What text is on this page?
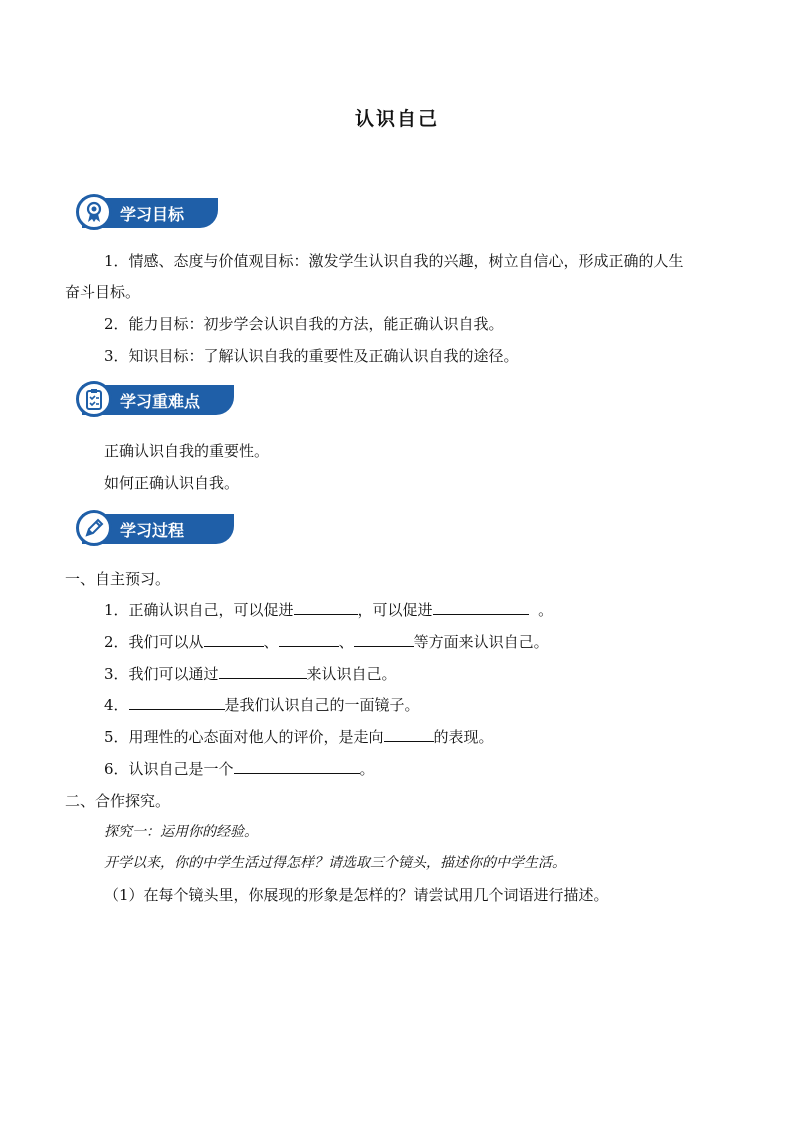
认识自己
学习目标
1．情感、态度与价值观目标：激发学生认识自我的兴趣，树立自信心，形成正确的人生
奋斗目标。
2．能力目标：初步学会认识自我的方法，能正确认识自我。
3．知识目标：了解认识自我的重要性及正确认识自我的途径。
学习重难点
正确认识自我的重要性。
如何正确认识自我。
学习过程
一、自主预习。
1．正确认识自己，可以促进	，可以促进	。
2．我们可以从	、	、	等方面来认识自己。
3．我们可以通过	来认识自己。
4．	是我们认识自己的一面镜子。
5．用理性的心态面对他人的评价，是走向	的表现。
6．认识自己是一个	。
二、合作探究。
探究一：运用你的经验。
开学以来，你的中学生活过得怎样？请选取三个镜头，描述你的中学生活。
（1）在每个镜头里，你展现的形象是怎样的？请尝试用几个词语进行描述。
